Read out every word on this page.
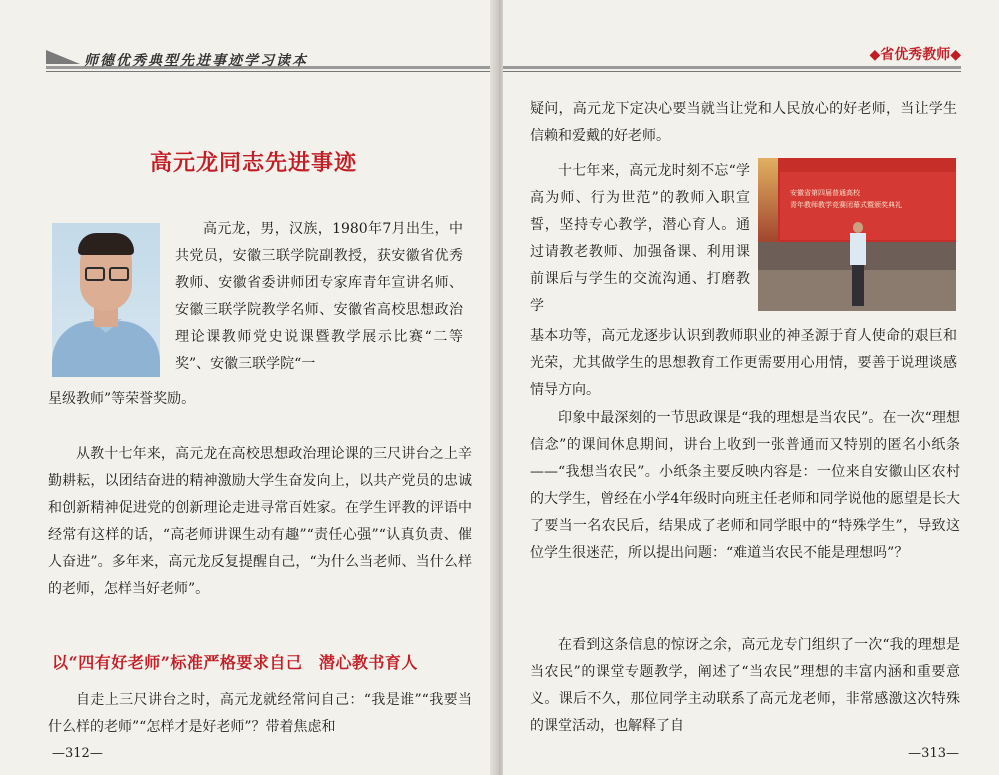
师德优秀典型先进事迹学习读本
高元龙同志先进事迹

高元龙，男，汉族，1980年7月出生，中共党员，安徽三联学院副教授，获安徽省优秀教师、安徽省委讲师团专家库青年宣讲名师、安徽三联学院教学名师、安徽省高校思想政治理论课教师党史说课暨教学展示比赛“二等奖”、安徽三联学院“一

星级教师”等荣誉奖励。

从教十七年来，高元龙在高校思想政治理论课的三尺讲台之上辛勤耕耘，以团结奋进的精神激励大学生奋发向上，以共产党员的忠诚和创新精神促进党的创新理论走进寻常百姓家。在学生评教的评语中经常有这样的话，“高老师讲课生动有趣”“责任心强”“认真负责、催人奋进”。多年来，高元龙反复提醒自己，“为什么当老师、当什么样的老师，怎样当好老师”。

以“四有好老师”标准严格要求自己　潜心教书育人

自走上三尺讲台之时，高元龙就经常问自己：“我是谁”“我要当什么样的老师”“怎样才是好老师”？带着焦虑和

—312—
◆省优秀教师◆
—313—

疑问，高元龙下定决心要当就当让党和人民放心的好老师，当让学生信赖和爱戴的好老师。

十七年来，高元龙时刻不忘“学高为师、行为世范”的教师入职宣誓，坚持专心教学，潜心育人。通过请教老教师、加强备课、利用课前课后与学生的交流沟通、打磨教学

安徽省第四届普通高校
青年教师教学竞赛闭幕式暨颁奖典礼

基本功等，高元龙逐步认识到教师职业的神圣源于育人使命的艰巨和光荣，尤其做学生的思想教育工作更需要用心用情，要善于说理谈感情导方向。

印象中最深刻的一节思政课是“我的理想是当农民”。在一次“理想信念”的课间休息期间，讲台上收到一张普通而又特别的匿名小纸条——“我想当农民”。小纸条主要反映内容是：一位来自安徽山区农村的大学生，曾经在小学4年级时向班主任老师和同学说他的愿望是长大了要当一名农民后，结果成了老师和同学眼中的“特殊学生”，导致这位学生很迷茫，所以提出问题：“难道当农民不能是理想吗”？

在看到这条信息的惊讶之余，高元龙专门组织了一次“我的理想是当农民”的课堂专题教学，阐述了“当农民”理想的丰富内涵和重要意义。课后不久，那位同学主动联系了高元龙老师，非常感激这次特殊的课堂活动，也解释了自
